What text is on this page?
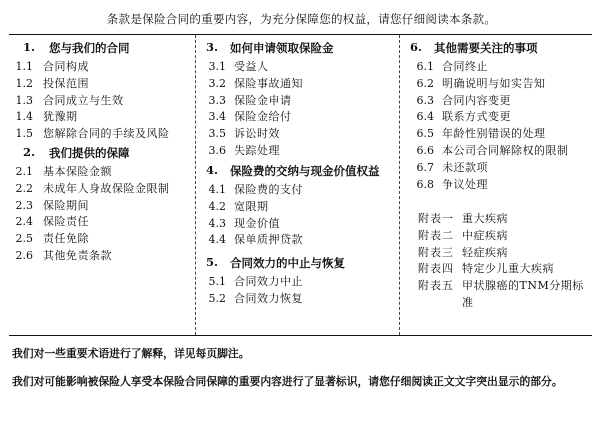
条款是保险合同的重要内容，为充分保障您的权益，请您仔细阅读本条款。
1. 您与我们的合同
1.1 合同构成
1.2 投保范围
1.3 合同成立与生效
1.4 犹豫期
1.5 您解除合同的手续及风险
2. 我们提供的保障
2.1 基本保险金额
2.2 未成年人身故保险金限制
2.3 保险期间
2.4 保险责任
2.5 责任免除
2.6 其他免责条款
3. 如何申请领取保险金
3.1 受益人
3.2 保险事故通知
3.3 保险金申请
3.4 保险金给付
3.5 诉讼时效
3.6 失踪处理
4. 保险费的交纳与现金价值权益
4.1 保险费的支付
4.2 宽限期
4.3 现金价值
4.4 保单质押贷款
5. 合同效力的中止与恢复
5.1 合同效力中止
5.2 合同效力恢复
6. 其他需要关注的事项
6.1 合同终止
6.2 明确说明与如实告知
6.3 合同内容变更
6.4 联系方式变更
6.5 年龄性别错误的处理
6.6 本公司合同解除权的限制
6.7 未还款项
6.8 争议处理
附表一 重大疾病
附表二 中症疾病
附表三 轻症疾病
附表四 特定少儿重大疾病
附表五 甲状腺癌的TNM分期标准
我们对一些重要术语进行了解释，详见每页脚注。
我们对可能影响被保险人享受本保险合同保障的重要内容进行了显著标识，请您仔细阅读正文文字突出显示的部分。
